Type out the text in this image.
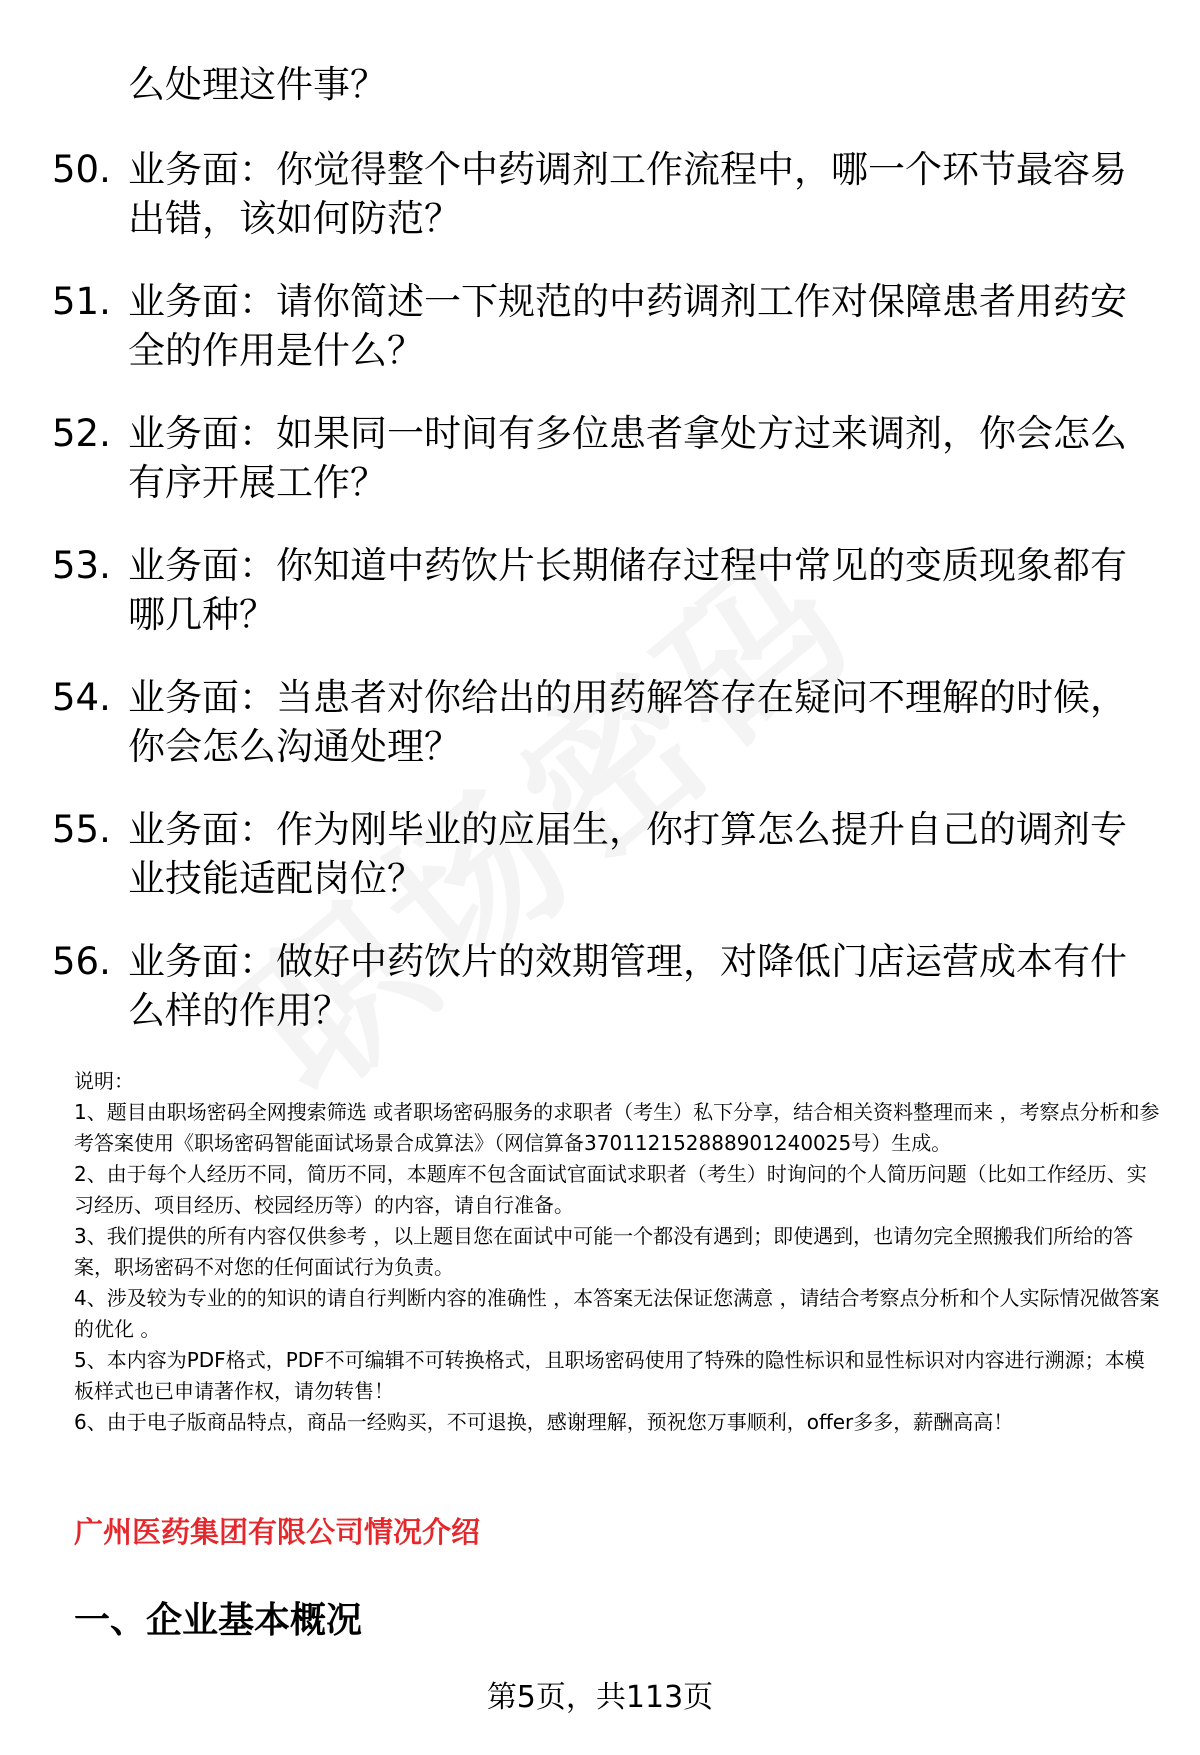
么处理这件事？
50. 业务面：你觉得整个中药调剂工作流程中，哪一个环节最容易出错，该如何防范？
51. 业务面：请你简述一下规范的中药调剂工作对保障患者用药安全的作用是什么？
52. 业务面：如果同一时间有多位患者拿处方过来调剂，你会怎么有序开展工作？
53. 业务面：你知道中药饮片长期储存过程中常见的变质现象都有哪几种？
54. 业务面：当患者对你给出的用药解答存在疑问不理解的时候，你会怎么沟通处理？
55. 业务面：作为刚毕业的应届生，你打算怎么提升自己的调剂专业技能适配岗位？
56. 业务面：做好中药饮片的效期管理，对降低门店运营成本有什么样的作用？

说明：

1、题目由职场密码全网搜索筛选 或者职场密码服务的求职者（考生）私下分享，结合相关资料整理而来 ，考察点分析和参考答案使用《职场密码智能面试场景合成算法》（网信算备370112152888901240025号）生成。

2、由于每个人经历不同，简历不同，本题库不包含面试官面试求职者（考生）时询问的个人简历问题（比如工作经历、实习经历、项目经历、校园经历等）的内容，请自行准备。

3、我们提供的所有内容仅供参考 ，以上题目您在面试中可能一个都没有遇到；即使遇到，也请勿完全照搬我们所给的答案，职场密码不对您的任何面试行为负责。

4、涉及较为专业的的知识的请自行判断内容的准确性 ，本答案无法保证您满意 ，请结合考察点分析和个人实际情况做答案的优化 。

5、本内容为PDF格式，PDF不可编辑不可转换格式，且职场密码使用了特殊的隐性标识和显性标识对内容进行溯源；本模板样式也已申请著作权，请勿转售！

6、由于电子版商品特点，商品一经购买，不可退换，感谢理解，预祝您万事顺利，offer多多，薪酬高高！

广州医药集团有限公司情况介绍
一、企业基本概况
第5页，共113页
